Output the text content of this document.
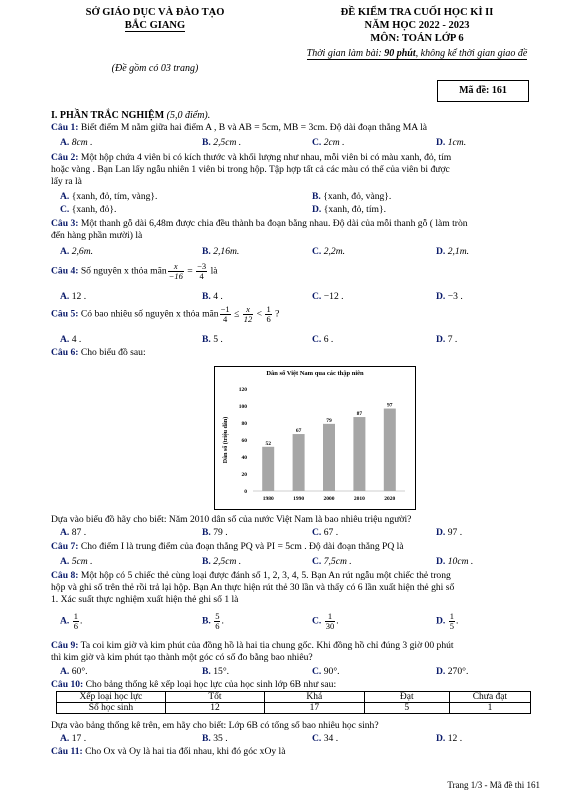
SỞ GIÁO DỤC VÀ ĐÀO TẠO
BẮC GIANG
(Đề gồm có 03 trang)
ĐỀ KIỂM TRA CUỐI HỌC KÌ II
NĂM HỌC 2022 - 2023
MÔN: TOÁN LỚP 6
Thời gian làm bài: 90 phút, không kể thời gian giao đề
Mã đề: 161
I. PHẦN TRẮC NGHIỆM (5,0 điểm).
Câu 1: Biết điểm M nằm giữa hai điểm A , B và AB = 5cm, MB = 3cm. Độ dài đoạn thẳng MA là
A. 8cm .	B. 2,5cm .	C. 2cm .	D. 1cm.
Câu 2: Một hộp chứa 4 viên bi có kích thước và khối lượng như nhau, mỗi viên bi có màu xanh, đỏ, tím
hoặc vàng . Bạn Lan lấy ngẫu nhiên 1 viên bi trong hộp. Tập hợp tất cả các màu có thể của viên bi được
lấy ra là
A. {xanh, đỏ, tím, vàng}.	B. {xanh, đỏ, vàng}.
C. {xanh, đỏ}.	D. {xanh, đỏ, tím}.
Câu 3: Một thanh gỗ dài 6,48m được chia đều thành ba đoạn bằng nhau. Độ dài của mỗi thanh gỗ ( làm tròn
đến hàng phần mười) là
A. 2,6m.	B. 2,16m.	C. 2,2m.	D. 2,1m.
Câu 4: Số nguyên x thỏa mãn $\frac{x}{-16} = \frac{-3}{4}$ là
A. 12 .	B. 4 .	C. −12 .	D. −3 .
Câu 5: Có bao nhiêu số nguyên x thỏa mãn $\frac{-1}{4} \le \frac{x}{12} < \frac{1}{6}$ ?
A. 4 .	B. 5 .	C. 6 .	D. 7 .
Câu 6: Cho biểu đồ sau:
Dân số Việt Nam qua các thập niên
Dân số (triệu dân)
0
20
40
60
80
100
120
52
1980
67
1990
79
2000
87
2010
97
2020
Dựa vào biểu đồ hãy cho biết: Năm 2010 dân số của nước Việt Nam là bao nhiêu triệu người?
A. 87 .	B. 79 .	C. 67 .	D. 97 .
Câu 7: Cho điểm I là trung điểm của đoạn thẳng PQ và PI = 5cm . Độ dài đoạn thẳng PQ là
A. 5cm .	B. 2,5cm .	C. 7,5cm .	D. 10cm .
Câu 8: Một hộp có 5 chiếc thẻ cùng loại được đánh số 1, 2, 3, 4, 5. Bạn An rút ngẫu một chiếc thẻ trong
hộp và ghi số trên thẻ rồi trả lại hộp. Bạn An thực hiện rút thẻ 30 lần và thấy có 6 lần xuất hiện thẻ ghi số
1. Xác suất thực nghiệm xuất hiện thẻ ghi số 1 là
A. $\frac{1}{6}$ .	B. $\frac{5}{6}$ .	C. $\frac{1}{30}$ .	D. $\frac{1}{5}$ .
Câu 9: Ta coi kim giờ và kim phút của đồng hồ là hai tia chung gốc. Khi đồng hồ chỉ đúng 3 giờ 00 phút
thì kim giờ và kim phút tạo thành một góc có số đo bằng bao nhiêu?
A. 60°.	B. 15°.	C. 90°.	D. 270°.
Câu 10: Cho bảng thống kê xếp loại học lực của học sinh lớp 6B như sau:
Xếp loại học lực	Tốt	Khá	Đạt	Chưa đạt
Số học sinh	12	17	5	1
Dựa vào bảng thống kê trên, em hãy cho biết: Lớp 6B có tổng số bao nhiêu học sinh?
A. 17 .	B. 35 .	C. 34 .	D. 12 .
Câu 11: Cho Ox và Oy là hai tia đối nhau, khi đó góc xOy là
Trang 1/3 - Mã đề thi 161
